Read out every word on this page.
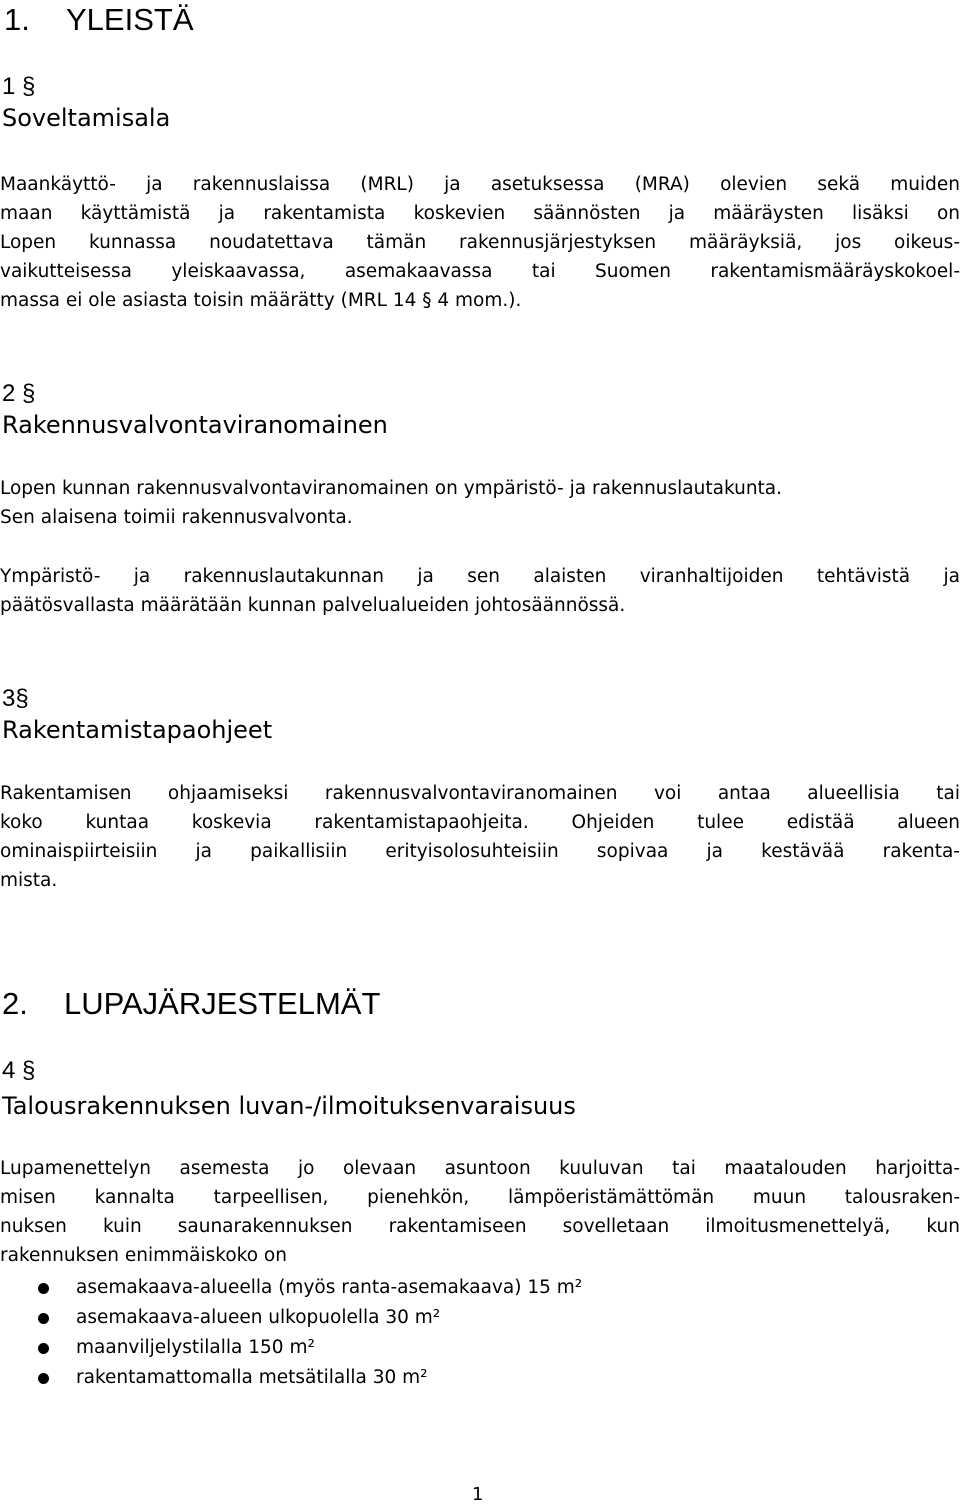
1. YLEISTÄ
1 §
Soveltamisala
Maankäyttö- ja rakennuslaissa (MRL) ja asetuksessa (MRA) olevien sekä muiden
maan käyttämistä ja rakentamista koskevien säännösten ja määräysten lisäksi on
Lopen kunnassa noudatettava tämän rakennusjärjestyksen määräyksiä, jos oikeus-
vaikutteisessa yleiskaavassa, asemakaavassa tai Suomen rakentamismääräyskokoel-
massa ei ole asiasta toisin määrätty (MRL 14 § 4 mom.).
2 §
Rakennusvalvontaviranomainen
Lopen kunnan rakennusvalvontaviranomainen on ympäristö- ja rakennuslautakunta.
Sen alaisena toimii rakennusvalvonta.
Ympäristö- ja rakennuslautakunnan ja sen alaisten viranhaltijoiden tehtävistä ja
päätösvallasta määrätään kunnan palvelualueiden johtosäännössä.
3§
Rakentamistapaohjeet
Rakentamisen ohjaamiseksi rakennusvalvontaviranomainen voi antaa alueellisia tai
koko kuntaa koskevia rakentamistapaohjeita. Ohjeiden tulee edistää alueen
ominaispiirteisiin ja paikallisiin erityisolosuhteisiin sopivaa ja kestävää rakenta-
mista.
2. LUPAJÄRJESTELMÄT
4 §
Talousrakennuksen luvan-/ilmoituksenvaraisuus
Lupamenettelyn asemesta jo olevaan asuntoon kuuluvan tai maatalouden harjoitta-
misen kannalta tarpeellisen, pienehkön, lämpöeristämättömän muun talousraken-
nuksen kuin saunarakennuksen rakentamiseen sovelletaan ilmoitusmenettelyä, kun
rakennuksen enimmäiskoko on
asemakaava-alueella (myös ranta-asemakaava) 15 m²
asemakaava-alueen ulkopuolella 30 m²
maanviljelystilalla 150 m²
rakentamattomalla metsätilalla 30 m²
1
